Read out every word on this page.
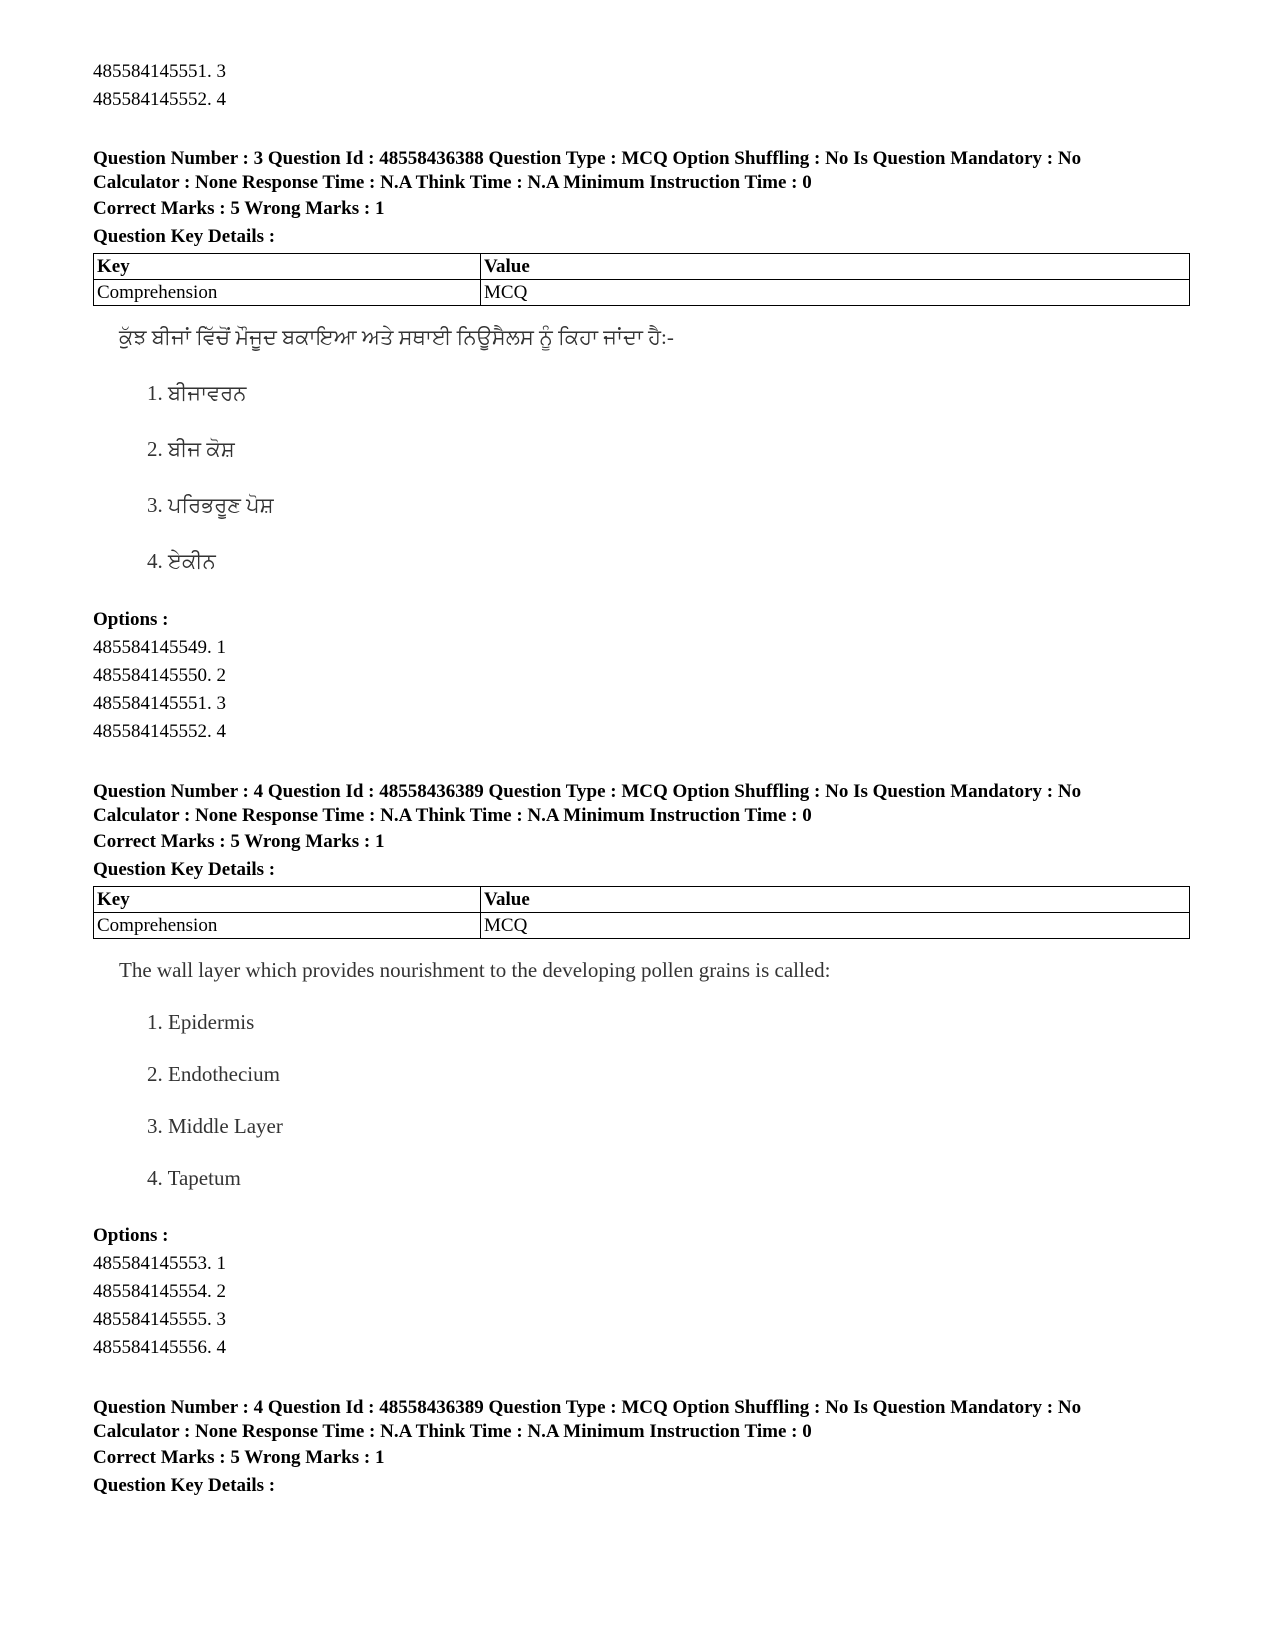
485584145551. 3
485584145552. 4
Question Number : 3 Question Id : 48558436388 Question Type : MCQ Option Shuffling : No Is Question Mandatory : No
Calculator : None Response Time : N.A Think Time : N.A Minimum Instruction Time : 0
Correct Marks : 5 Wrong Marks : 1
Question Key Details :
Key	Value
Comprehension	MCQ
ਕੁੱਝ ਬੀਜਾਂ ਵਿੱਚੋਂ ਮੌਜੂਦ ਬਕਾਇਆ ਅਤੇ ਸਥਾਈ ਨਿਊਸੈਲਸ ਨੂੰ ਕਿਹਾ ਜਾਂਦਾ ਹੈ:-
1. ਬੀਜਾਵਰਨ
2. ਬੀਜ ਕੋਸ਼
3. ਪਰਿਭਰੂਣ ਪੋਸ਼
4. ਏਕੀਨ
Options :
485584145549. 1
485584145550. 2
485584145551. 3
485584145552. 4
Question Number : 4 Question Id : 48558436389 Question Type : MCQ Option Shuffling : No Is Question Mandatory : No
Calculator : None Response Time : N.A Think Time : N.A Minimum Instruction Time : 0
Correct Marks : 5 Wrong Marks : 1
Question Key Details :
Key	Value
Comprehension	MCQ
The wall layer which provides nourishment to the developing pollen grains is called:
1. Epidermis
2. Endothecium
3. Middle Layer
4. Tapetum
Options :
485584145553. 1
485584145554. 2
485584145555. 3
485584145556. 4
Question Number : 4 Question Id : 48558436389 Question Type : MCQ Option Shuffling : No Is Question Mandatory : No
Calculator : None Response Time : N.A Think Time : N.A Minimum Instruction Time : 0
Correct Marks : 5 Wrong Marks : 1
Question Key Details :
